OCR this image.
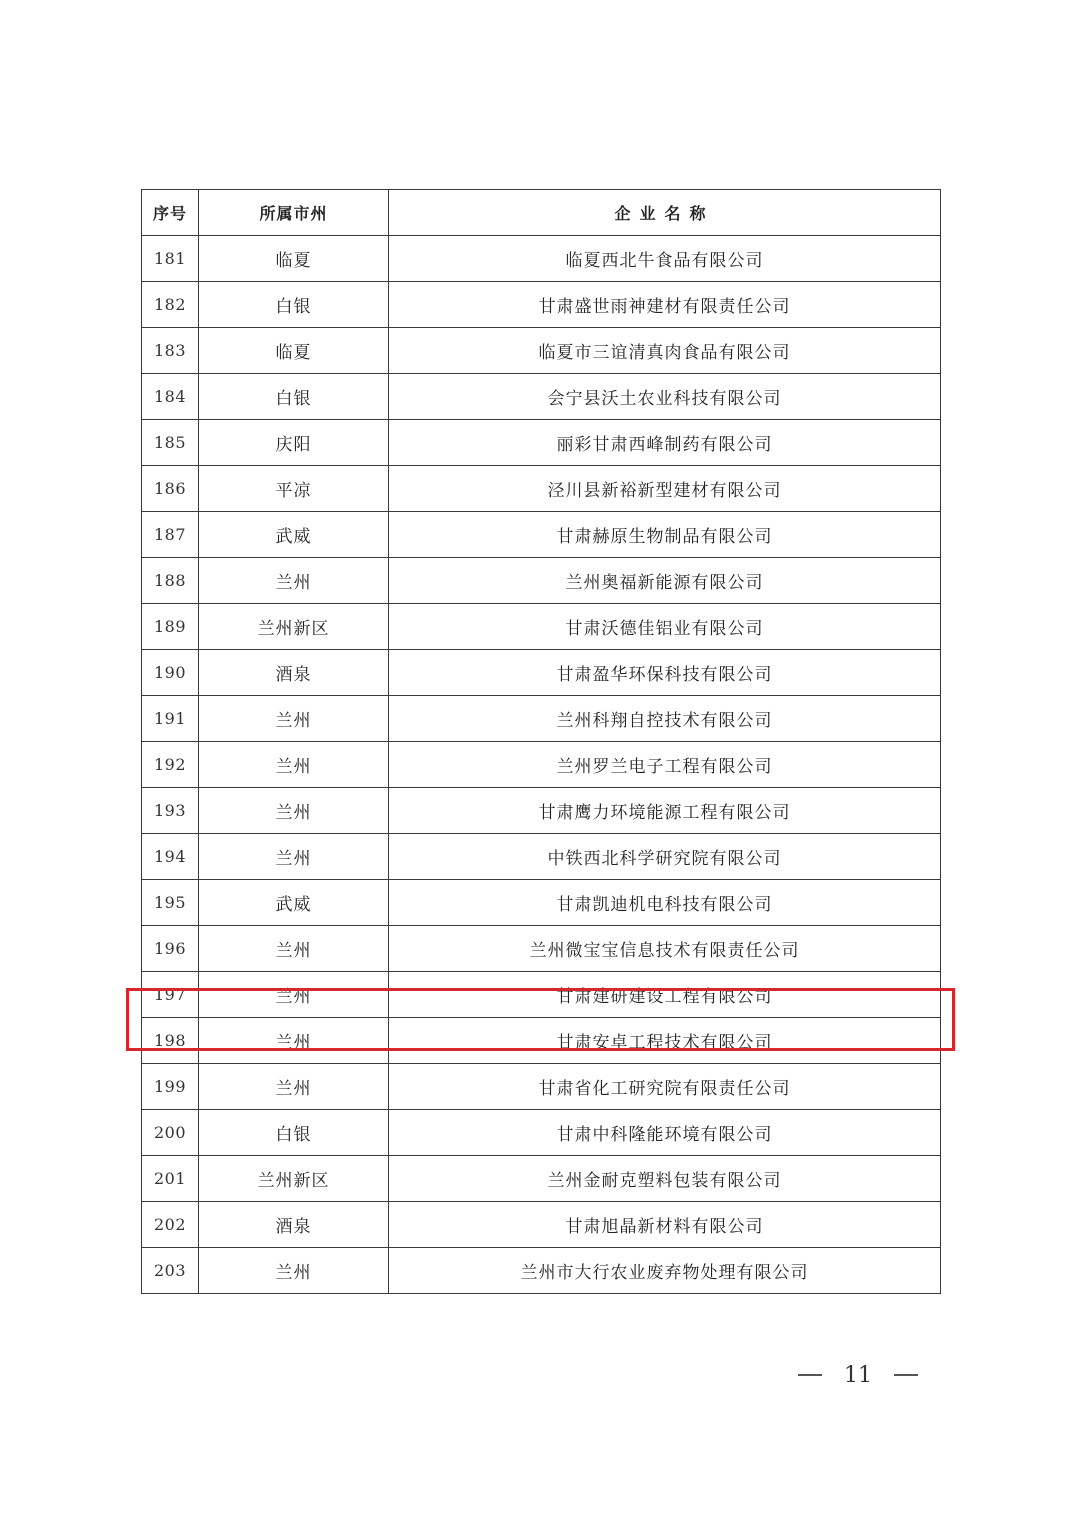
序号	所属市州	企业名称
181	临夏	临夏西北牛食品有限公司
182	白银	甘肃盛世雨神建材有限责任公司
183	临夏	临夏市三谊清真肉食品有限公司
184	白银	会宁县沃土农业科技有限公司
185	庆阳	丽彩甘肃西峰制药有限公司
186	平凉	泾川县新裕新型建材有限公司
187	武威	甘肃赫原生物制品有限公司
188	兰州	兰州奥福新能源有限公司
189	兰州新区	甘肃沃德佳铝业有限公司
190	酒泉	甘肃盈华环保科技有限公司
191	兰州	兰州科翔自控技术有限公司
192	兰州	兰州罗兰电子工程有限公司
193	兰州	甘肃鹰力环境能源工程有限公司
194	兰州	中铁西北科学研究院有限公司
195	武威	甘肃凯迪机电科技有限公司
196	兰州	兰州微宝宝信息技术有限责任公司
197	兰州	甘肃建研建设工程有限公司
198	兰州	甘肃安卓工程技术有限公司
199	兰州	甘肃省化工研究院有限责任公司
200	白银	甘肃中科隆能环境有限公司
201	兰州新区	兰州金耐克塑料包装有限公司
202	酒泉	甘肃旭晶新材料有限公司
203	兰州	兰州市大行农业废弃物处理有限公司
11
